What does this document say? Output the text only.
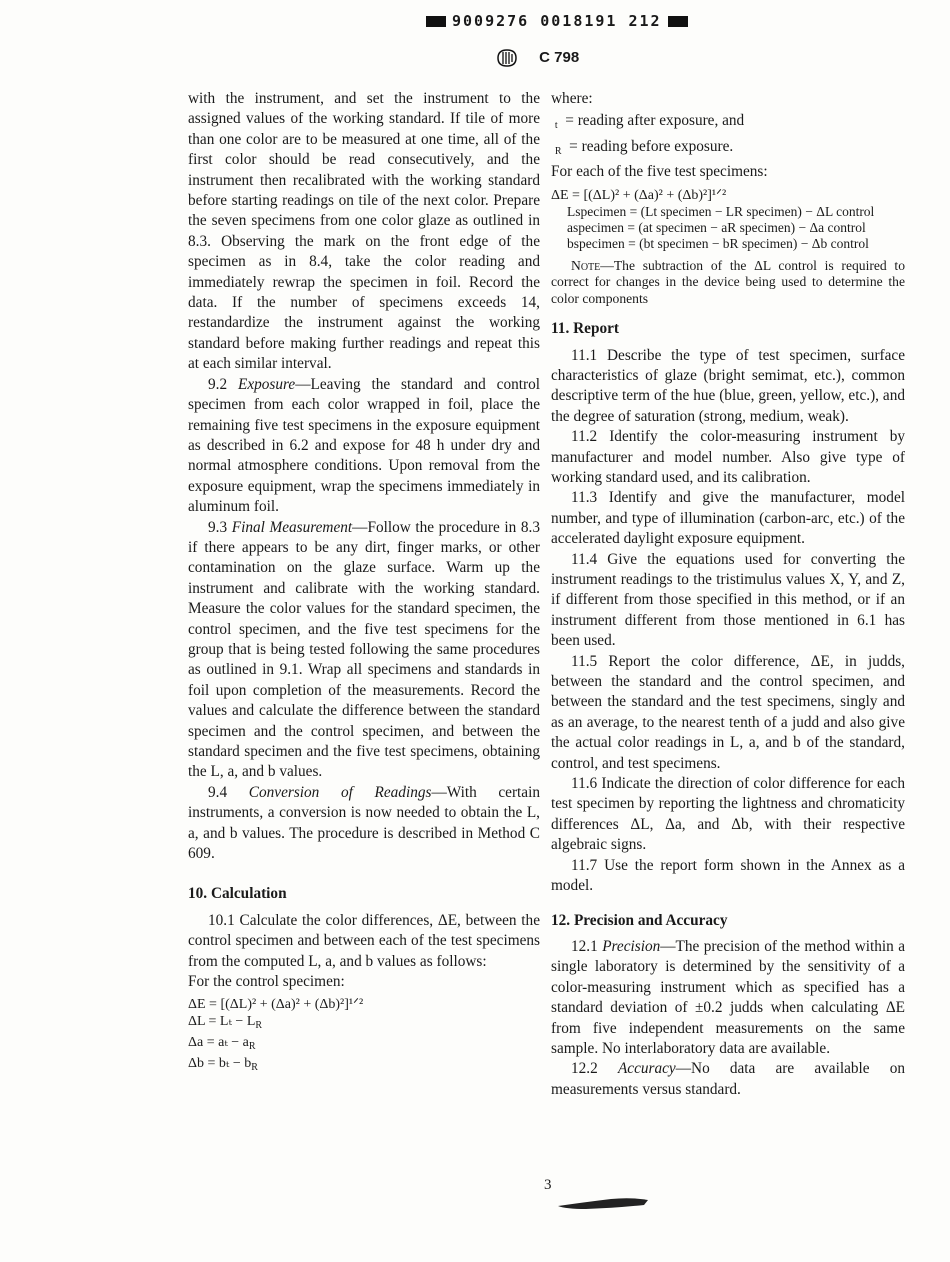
9009276 0018191 212
C 798

with the instrument, and set the instrument to the assigned values of the working standard. If tile of more than one color are to be measured at one time, all of the first color should be read consecutively, and the instrument then recalibrated with the working standard before starting readings on tile of the next color. Prepare the seven specimens from one color glaze as outlined in 8.3. Observing the mark on the front edge of the specimen as in 8.4, take the color reading and immediately rewrap the specimen in foil. Record the data. If the number of specimens exceeds 14, restandardize the instrument against the working standard before making further readings and repeat this at each similar interval.

9.2 Exposure—Leaving the standard and control specimen from each color wrapped in foil, place the remaining five test specimens in the exposure equipment as described in 6.2 and expose for 48 h under dry and normal atmosphere conditions. Upon removal from the exposure equipment, wrap the specimens immediately in aluminum foil.

9.3 Final Measurement—Follow the procedure in 8.3 if there appears to be any dirt, finger marks, or other contamination on the glaze surface. Warm up the instrument and calibrate with the working standard. Measure the color values for the standard specimen, the control specimen, and the five test specimens for the group that is being tested following the same procedures as outlined in 9.1. Wrap all specimens and standards in foil upon completion of the measurements. Record the values and calculate the difference between the standard specimen and the control specimen, and between the standard specimen and the five test specimens, obtaining the L, a, and b values.

9.4 Conversion of Readings—With certain instruments, a conversion is now needed to obtain the L, a, and b values. The procedure is described in Method C 609.

10. Calculation

10.1 Calculate the color differences, ΔE, between the control specimen and between each of the test specimens from the computed L, a, and b values as follows:

For the control specimen:

ΔE = [(ΔL)² + (Δa)² + (Δb)²]¹ᐟ²
$\Delta L = L_t - L_R$
$\Delta a = a_t - a_R$
$\Delta b = b_t - b_R$

where:

$_t$ = reading after exposure, and

$_R$ = reading before exposure.

For each of the five test specimens:

ΔE = [(ΔL)² + (Δa)² + (Δb)²]¹ᐟ²
Lspecimen = (Lt specimen − LR specimen) − ΔL control
aspecimen = (at specimen − aR specimen) − Δa control
bspecimen = (bt specimen − bR specimen) − Δb control

Note—The subtraction of the ΔL control is required to correct for changes in the device being used to determine the color components

11. Report

11.1 Describe the type of test specimen, surface characteristics of glaze (bright semimat, etc.), common descriptive term of the hue (blue, green, yellow, etc.), and the degree of saturation (strong, medium, weak).

11.2 Identify the color-measuring instrument by manufacturer and model number. Also give type of working standard used, and its calibration.

11.3 Identify and give the manufacturer, model number, and type of illumination (carbon-arc, etc.) of the accelerated daylight exposure equipment.

11.4 Give the equations used for converting the instrument readings to the tristimulus values X, Y, and Z, if different from those specified in this method, or if an instrument different from those mentioned in 6.1 has been used.

11.5 Report the color difference, ΔE, in judds, between the standard and the control specimen, and between the standard and the test specimens, singly and as an average, to the nearest tenth of a judd and also give the actual color readings in L, a, and b of the standard, control, and test specimens.

11.6 Indicate the direction of color difference for each test specimen by reporting the lightness and chromaticity differences ΔL, Δa, and Δb, with their respective algebraic signs.

11.7 Use the report form shown in the Annex as a model.

12. Precision and Accuracy

12.1 Precision—The precision of the method within a single laboratory is determined by the sensitivity of a color-measuring instrument which as specified has a standard deviation of ±0.2 judds when calculating ΔE from five independent measurements on the same sample. No interlaboratory data are available.

12.2 Accuracy—No data are available on measurements versus standard.

3
